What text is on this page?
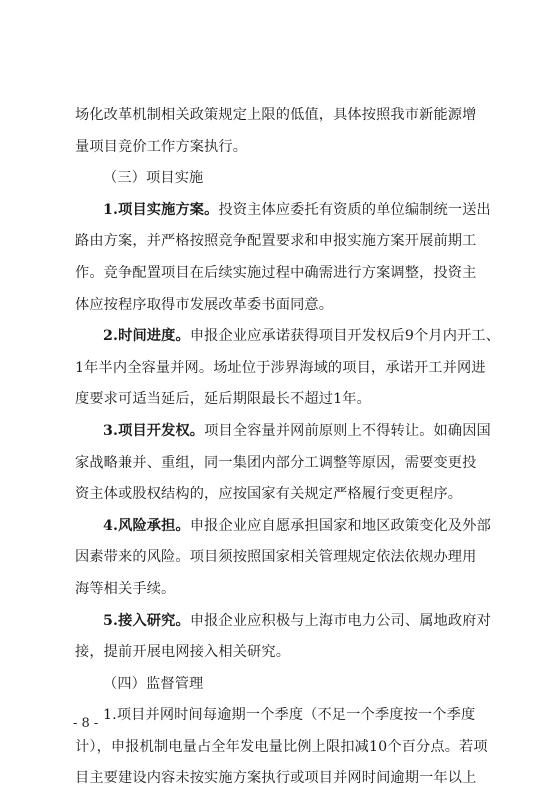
场化改革机制相关政策规定上限的低值，具体按照我市新能源增
量项目竞价工作方案执行。
（三）项目实施
1.项目实施方案。投资主体应委托有资质的单位编制统一送出
路由方案，并严格按照竞争配置要求和申报实施方案开展前期工
作。竞争配置项目在后续实施过程中确需进行方案调整，投资主
体应按程序取得市发展改革委书面同意。
2.时间进度。申报企业应承诺获得项目开发权后9个月内开工、
1年半内全容量并网。场址位于涉界海域的项目，承诺开工并网进
度要求可适当延后，延后期限最长不超过1年。
3.项目开发权。项目全容量并网前原则上不得转让。如确因国
家战略兼并、重组，同一集团内部分工调整等原因，需要变更投
资主体或股权结构的，应按国家有关规定严格履行变更程序。
4.风险承担。申报企业应自愿承担国家和地区政策变化及外部
因素带来的风险。项目须按照国家相关管理规定依法依规办理用
海等相关手续。
5.接入研究。申报企业应积极与上海市电力公司、属地政府对
接，提前开展电网接入相关研究。
（四）监督管理
1.项目并网时间每逾期一个季度（不足一个季度按一个季度
计），申报机制电量占全年发电量比例上限扣减10个百分点。若项
目主要建设内容未按实施方案执行或项目并网时间逾期一年以上
- 8 -
